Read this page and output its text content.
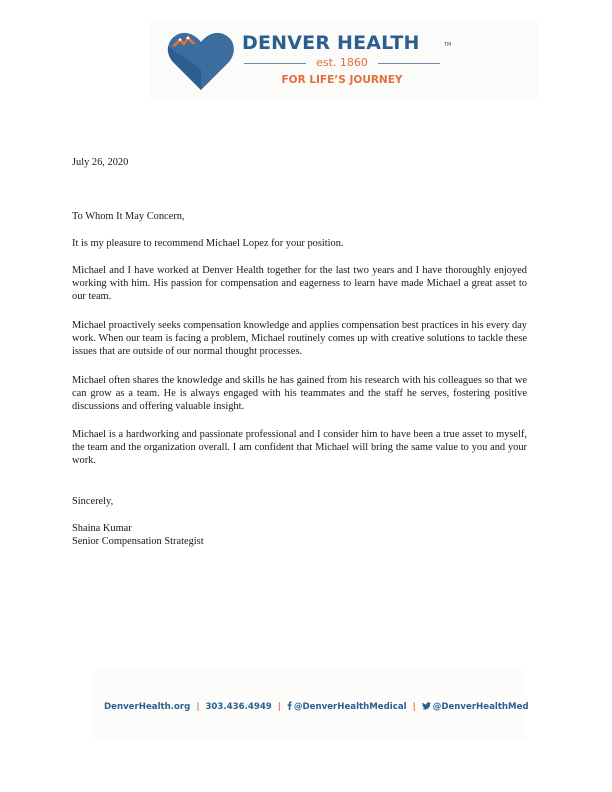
DENVER HEALTH	TM
est. 1860
FOR LIFE’S JOURNEY

July 26, 2020

To Whom It May Concern,

It is my pleasure to recommend Michael Lopez for your position.

Michael and I have worked at Denver Health together for the last two years and I have thoroughly enjoyed working with him. His passion for compensation and eagerness to learn have made Michael a great asset to our team.

Michael proactively seeks compensation knowledge and applies compensation best practices in his every day work. When our team is facing a problem, Michael routinely comes up with creative solutions to tackle these issues that are outside of our normal thought processes.

Michael often shares the knowledge and skills he has gained from his research with his colleagues so that we can grow as a team. He is always engaged with his teammates and the staff he serves, fostering positive discussions and offering valuable insight.

Michael is a hardworking and passionate professional and I consider him to have been a true asset to myself, the team and the organization overall. I am confident that Michael will bring the same value to you and your work.

Sincerely,

Shaina Kumar

Senior Compensation Strategist

DenverHealth.org | 303.436.4949 | @DenverHealthMedical | @DenverHealthMed
